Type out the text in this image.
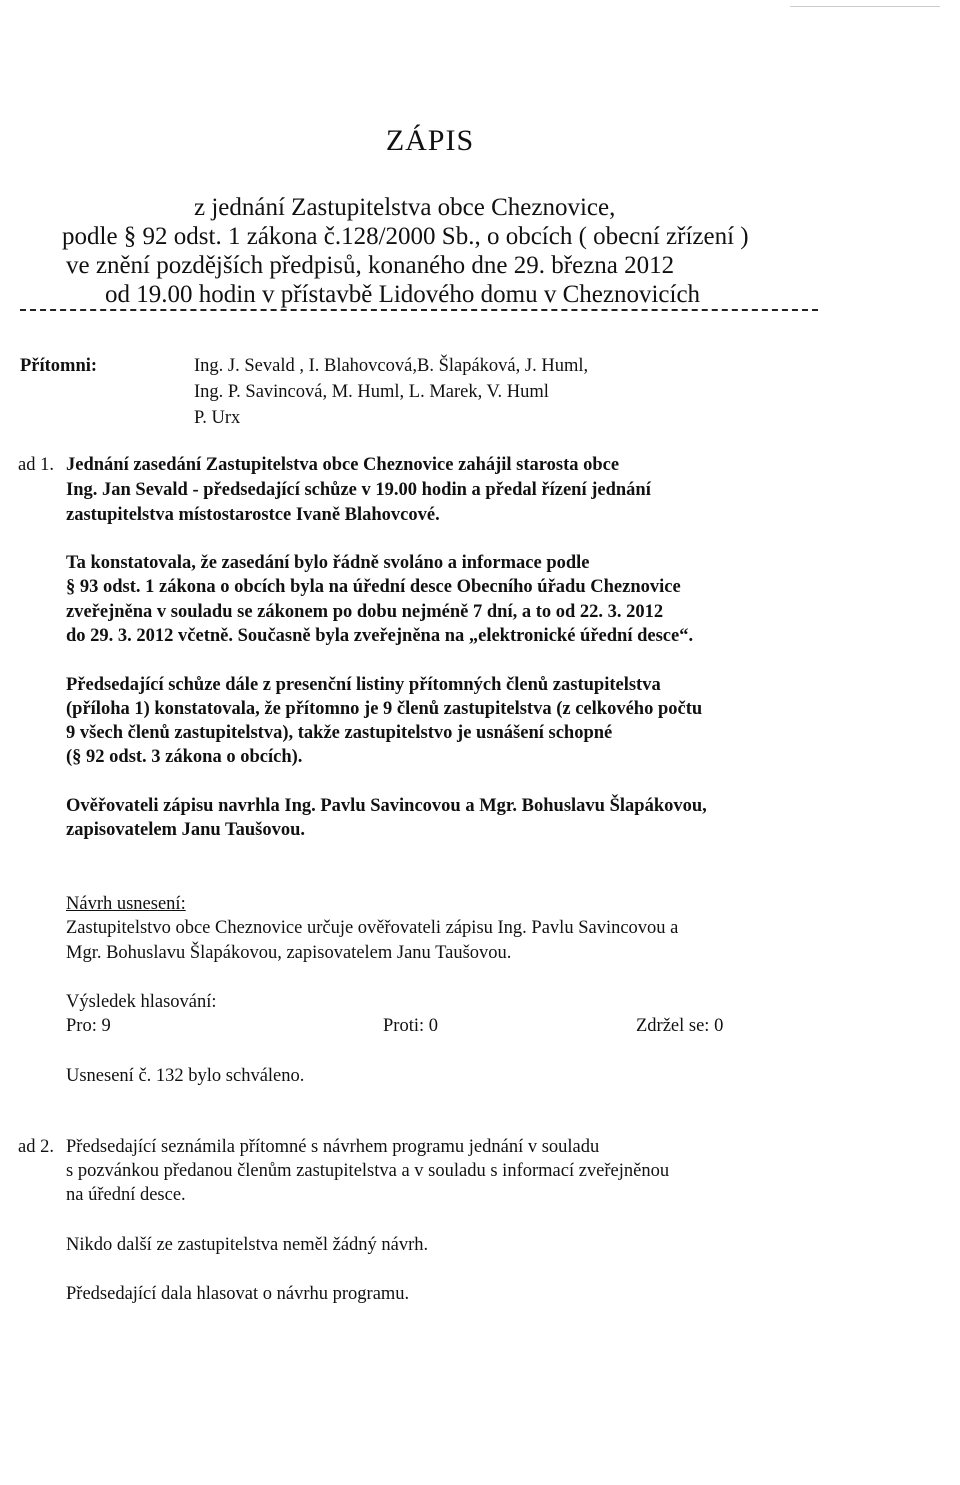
ZÁPIS
z jednání Zastupitelstva obce Cheznovice,
podle § 92 odst. 1 zákona č.128/2000 Sb., o obcích ( obecní zřízení )
ve znění pozdějších předpisů, konaného dne 29. března 2012
od 19.00 hodin v přístavbě Lidového domu v Cheznovicích
Přítomni:	Ing. J. Sevald , I. Blahovcová,B. Šlapáková, J. Huml,
Ing. P. Savincová, M. Huml, L. Marek, V. Huml
P. Urx
ad 1. Jednání zasedání Zastupitelstva obce Cheznovice zahájil starosta obce
Ing. Jan Sevald - předsedající schůze v 19.00 hodin a předal řízení jednání
zastupitelstva místostarostce Ivaně Blahovcové.
Ta konstatovala, že zasedání bylo řádně svoláno a informace podle
§ 93 odst. 1 zákona o obcích byla na úřední desce Obecního úřadu Cheznovice
zveřejněna v souladu se zákonem po dobu nejméně 7 dní, a to od 22. 3. 2012
do 29. 3. 2012 včetně. Současně byla zveřejněna na „elektronické úřední desce“.
Předsedající schůze dále z presenční listiny přítomných členů zastupitelstva
(příloha 1) konstatovala, že přítomno je 9 členů zastupitelstva (z celkového počtu
9 všech členů zastupitelstva), takže zastupitelstvo je usnášení schopné
(§ 92 odst. 3 zákona o obcích).
Ověřovateli zápisu navrhla Ing. Pavlu Savincovou a Mgr. Bohuslavu Šlapákovou,
zapisovatelem Janu Taušovou.
Návrh usnesení:
Zastupitelstvo obce Cheznovice určuje ověřovateli zápisu Ing. Pavlu Savincovou a
Mgr. Bohuslavu Šlapákovou, zapisovatelem Janu Taušovou.
Výsledek hlasování:
Pro: 9	Proti: 0	Zdržel se: 0
Usnesení č. 132 bylo schváleno.
ad 2. Předsedající seznámila přítomné s návrhem programu jednání v souladu
s pozvánkou předanou členům zastupitelstva a v souladu s informací zveřejněnou
na úřední desce.
Nikdo další ze zastupitelstva neměl žádný návrh.
Předsedající dala hlasovat o návrhu programu.
